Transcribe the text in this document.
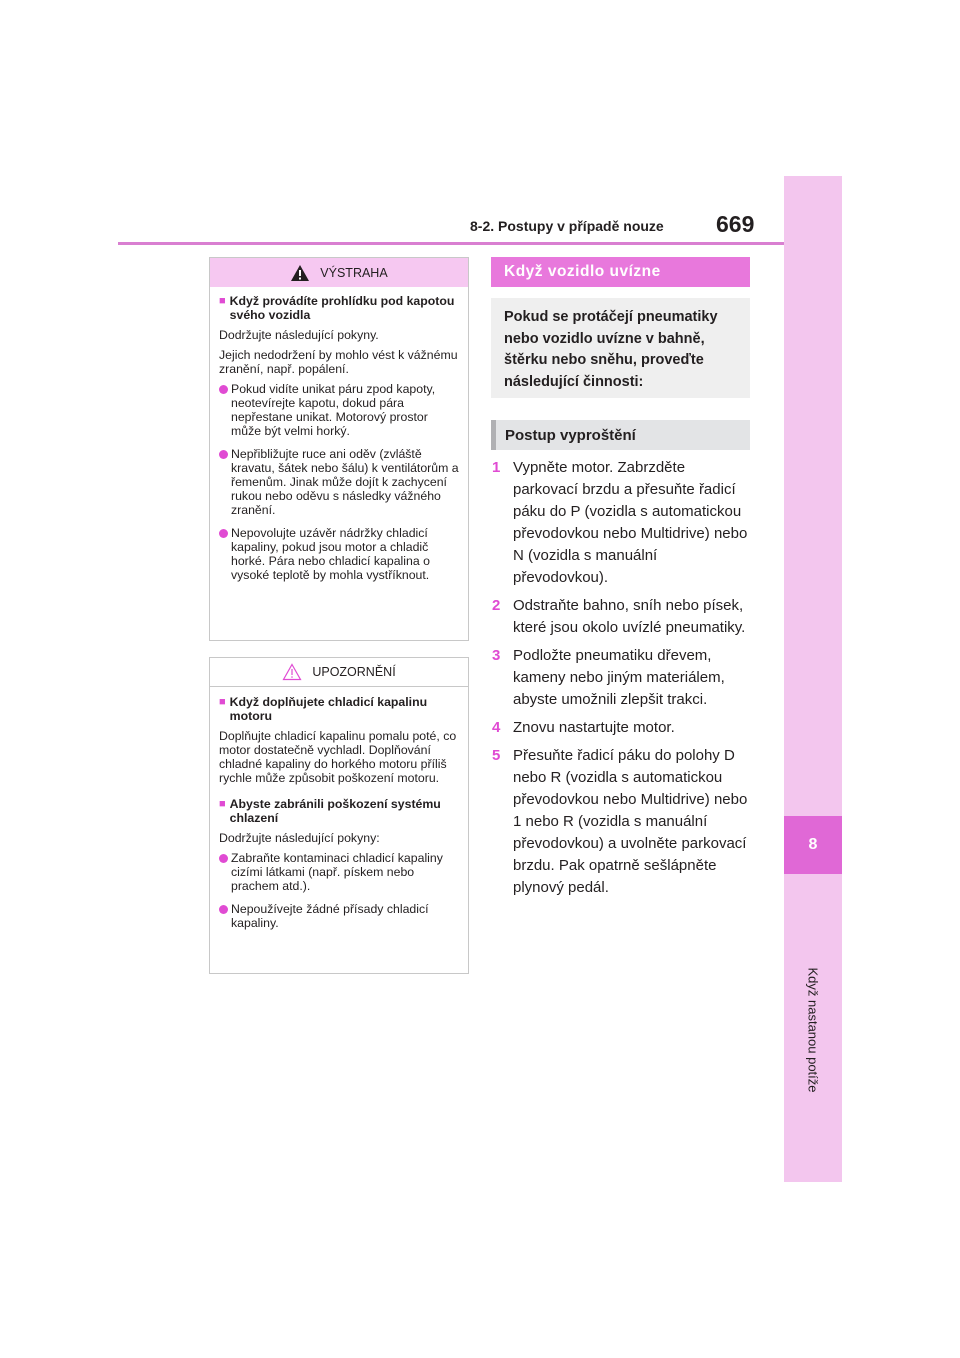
8
Když nastanou potíže
8-2. Postupy v případě nouze 669
VÝSTRAHA
■ Když provádíte prohlídku pod kapotou svého vozidla
Dodržujte následující pokyny.
Jejich nedodržení by mohlo vést k vážnému zranění, např. popálení.
Pokud vidíte unikat páru zpod kapoty, neotevírejte kapotu, dokud pára nepřestane unikat. Motorový prostor může být velmi horký.
Nepřibližujte ruce ani oděv (zvláště kravatu, šátek nebo šálu) k ventilátorům a řemenům. Jinak může dojít k zachycení rukou nebo oděvu s následky vážného zranění.
Nepovolujte uzávěr nádržky chladicí kapaliny, pokud jsou motor a chladič horké. Pára nebo chladicí kapalina o vysoké teplotě by mohla vystříknout.
UPOZORNĚNÍ
■ Když doplňujete chladicí kapalinu motoru
Doplňujte chladicí kapalinu pomalu poté, co motor dostatečně vychladl. Doplňování chladné kapaliny do horkého motoru příliš rychle může způsobit poškození motoru.
■ Abyste zabránili poškození systému chlazení
Dodržujte následující pokyny:
Zabraňte kontaminaci chladicí kapaliny cizími látkami (např. pískem nebo prachem atd.).
Nepoužívejte žádné přísady chladicí kapaliny.
Když vozidlo uvízne
Pokud se protáčejí pneumatiky nebo vozidlo uvízne v bahně, štěrku nebo sněhu, proveďte následující činnosti:
Postup vyproštění
1 Vypněte motor. Zabrzděte parkovací brzdu a přesuňte řadicí páku do P (vozidla s automatickou převodovkou nebo Multidrive) nebo N (vozidla s manuální převodovkou).
2 Odstraňte bahno, sníh nebo písek, které jsou okolo uvízlé pneumatiky.
3 Podložte pneumatiku dřevem, kameny nebo jiným materiálem, abyste umožnili zlepšit trakci.
4 Znovu nastartujte motor.
5 Přesuňte řadicí páku do polohy D nebo R (vozidla s automatickou převodovkou nebo Multidrive) nebo 1 nebo R (vozidla s manuální převodovkou) a uvolněte parkovací brzdu. Pak opatrně sešlápněte plynový pedál.
